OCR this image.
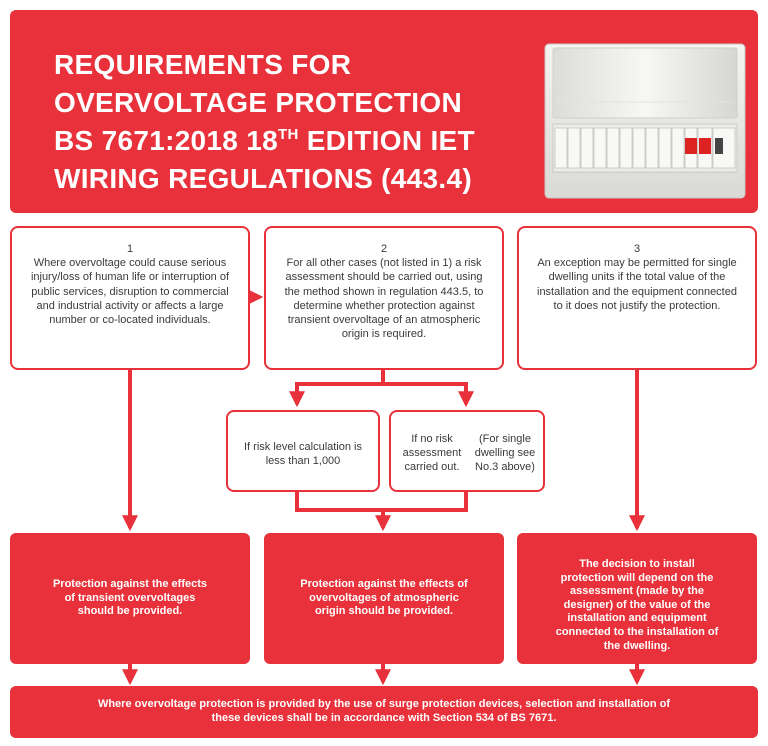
REQUIREMENTS FOR
OVERVOLTAGE PROTECTION
BS 7671:2018 18TH EDITION IET
WIRING REGULATIONS (443.4)
1
Where overvoltage could cause serious injury/loss of human life or interruption of public services, disruption to commercial and industrial activity or affects a large number or co-located individuals.
2
For all other cases (not listed in 1) a risk assessment should be carried out, using the method shown in regulation 443.5, to determine whether protection against transient overvoltage of an atmospheric origin is required.
3
An exception may be permitted for single dwelling units if the total value of the installation and the equipment connected to it does not justify the protection.
If risk level calculation is less than 1,000
If no risk assessment carried out.
(For single dwelling see No.3 above)
Protection against the effects of transient overvoltages should be provided.
Protection against the effects of overvoltages of atmospheric origin should be provided.
The decision to install protection will depend on the assessment (made by the designer) of the value of the installation and equipment connected to the installation of the dwelling.
Where overvoltage protection is provided by the use of surge protection devices, selection and installation of these devices shall be in accordance with Section 534 of BS 7671.
